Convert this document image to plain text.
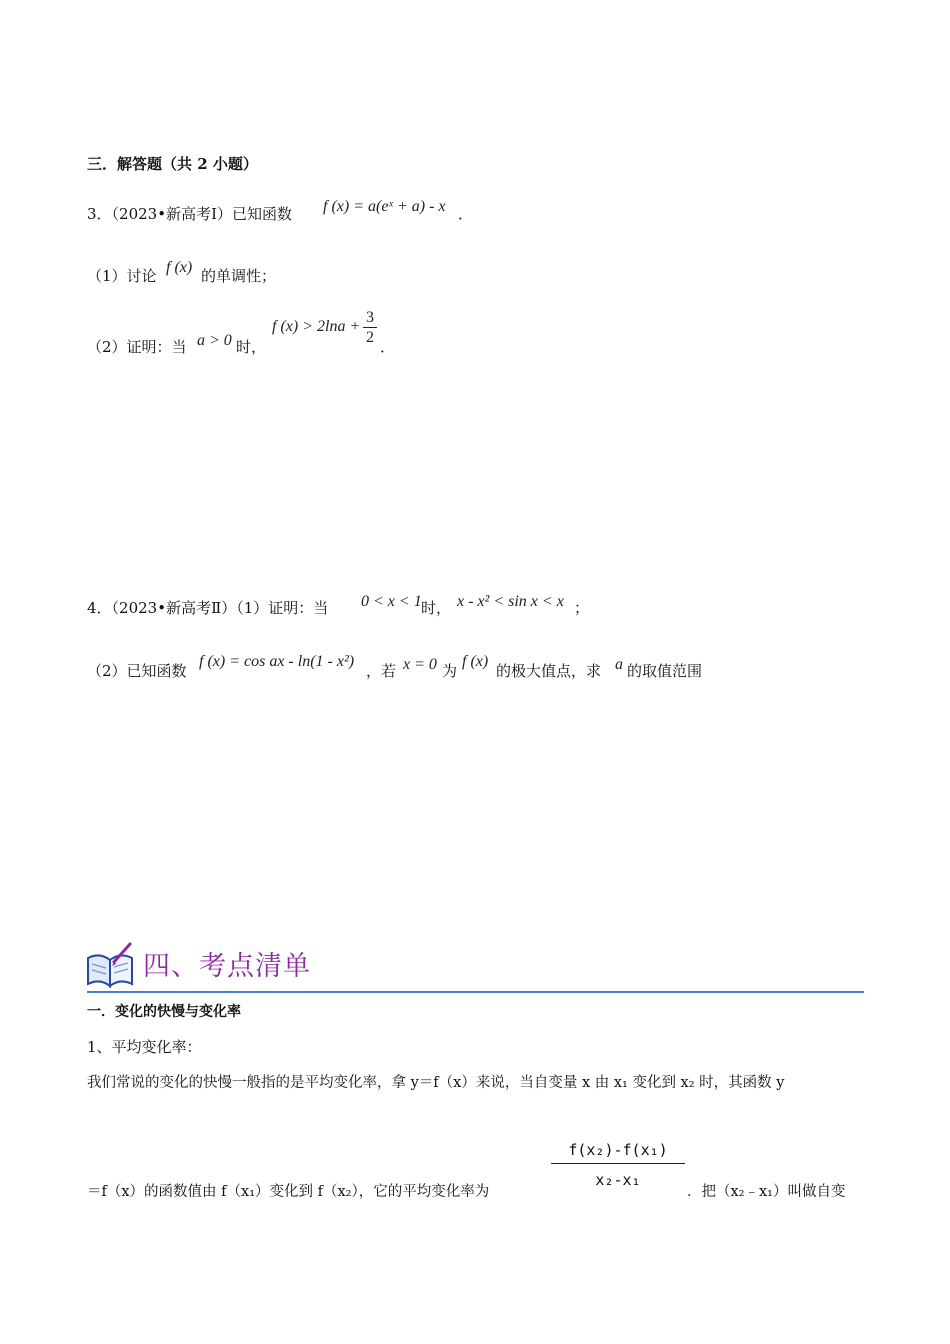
三．解答题（共 2 小题）
3．（2023•新高考Ⅰ）已知函数 f (x) = a(eˣ + a) - x ．
（1）讨论 f (x) 的单调性；
（2）证明：当 a > 0 时，
f $(x) > 2\ln a + \frac{3}{2}$ ．
4．（2023•新高考Ⅱ）（1）证明：当 0 < x < 1 时， x - x² < sin x < x ；
（2）已知函数
f (x) = cos ax - ln(1 - x²)
，若 x = 0 为
f (x)
的极大值点，求 a 的取值范围
四、考点清单
一．变化的快慢与变化率
1、平均变化率：
我们常说的变化的快慢一般指的是平均变化率，拿 y＝f（x）来说，当自变量 x 由 x₁ 变化到 x₂ 时，其函数 y
＝f（x）的函数值由 f（x₁）变化到 f（x₂），它的平均变化率为	$\frac{\text{f(x₂)-f(x₁)}}{\text{x₂-x₁}}$ ．把（x₂﹣x₁）叫做自变
